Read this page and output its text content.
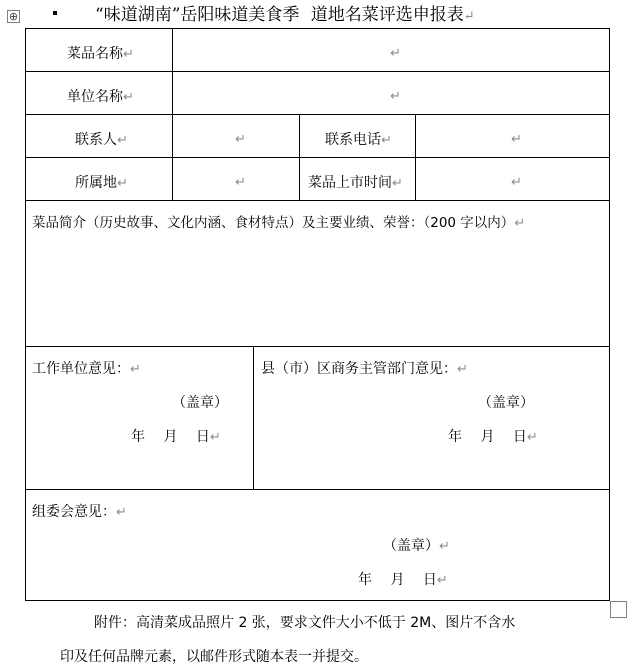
⊕	“味道湖南”岳阳味道美食季 道地名菜评选申报表↵
菜品名称↵	↵
单位名称↵	↵
联系人↵	↵	联系电话↵	↵
所属地↵	↵	菜品上市时间↵	↵
菜品简介（历史故事、文化内涵、食材特点）及主要业绩、荣誉：（200 字以内）↵
工作单位意见：↵
（盖章）
年　 月　 日↵
县（市）区商务主管部门意见：↵
（盖章）
年　 月　 日↵
组委会意见：↵
（盖章）↵
年　 月　 日↵
附件：高清菜成品照片 2 张，要求文件大小不低于 2M、图片不含水
印及任何品牌元素，以邮件形式随本表一并提交。
